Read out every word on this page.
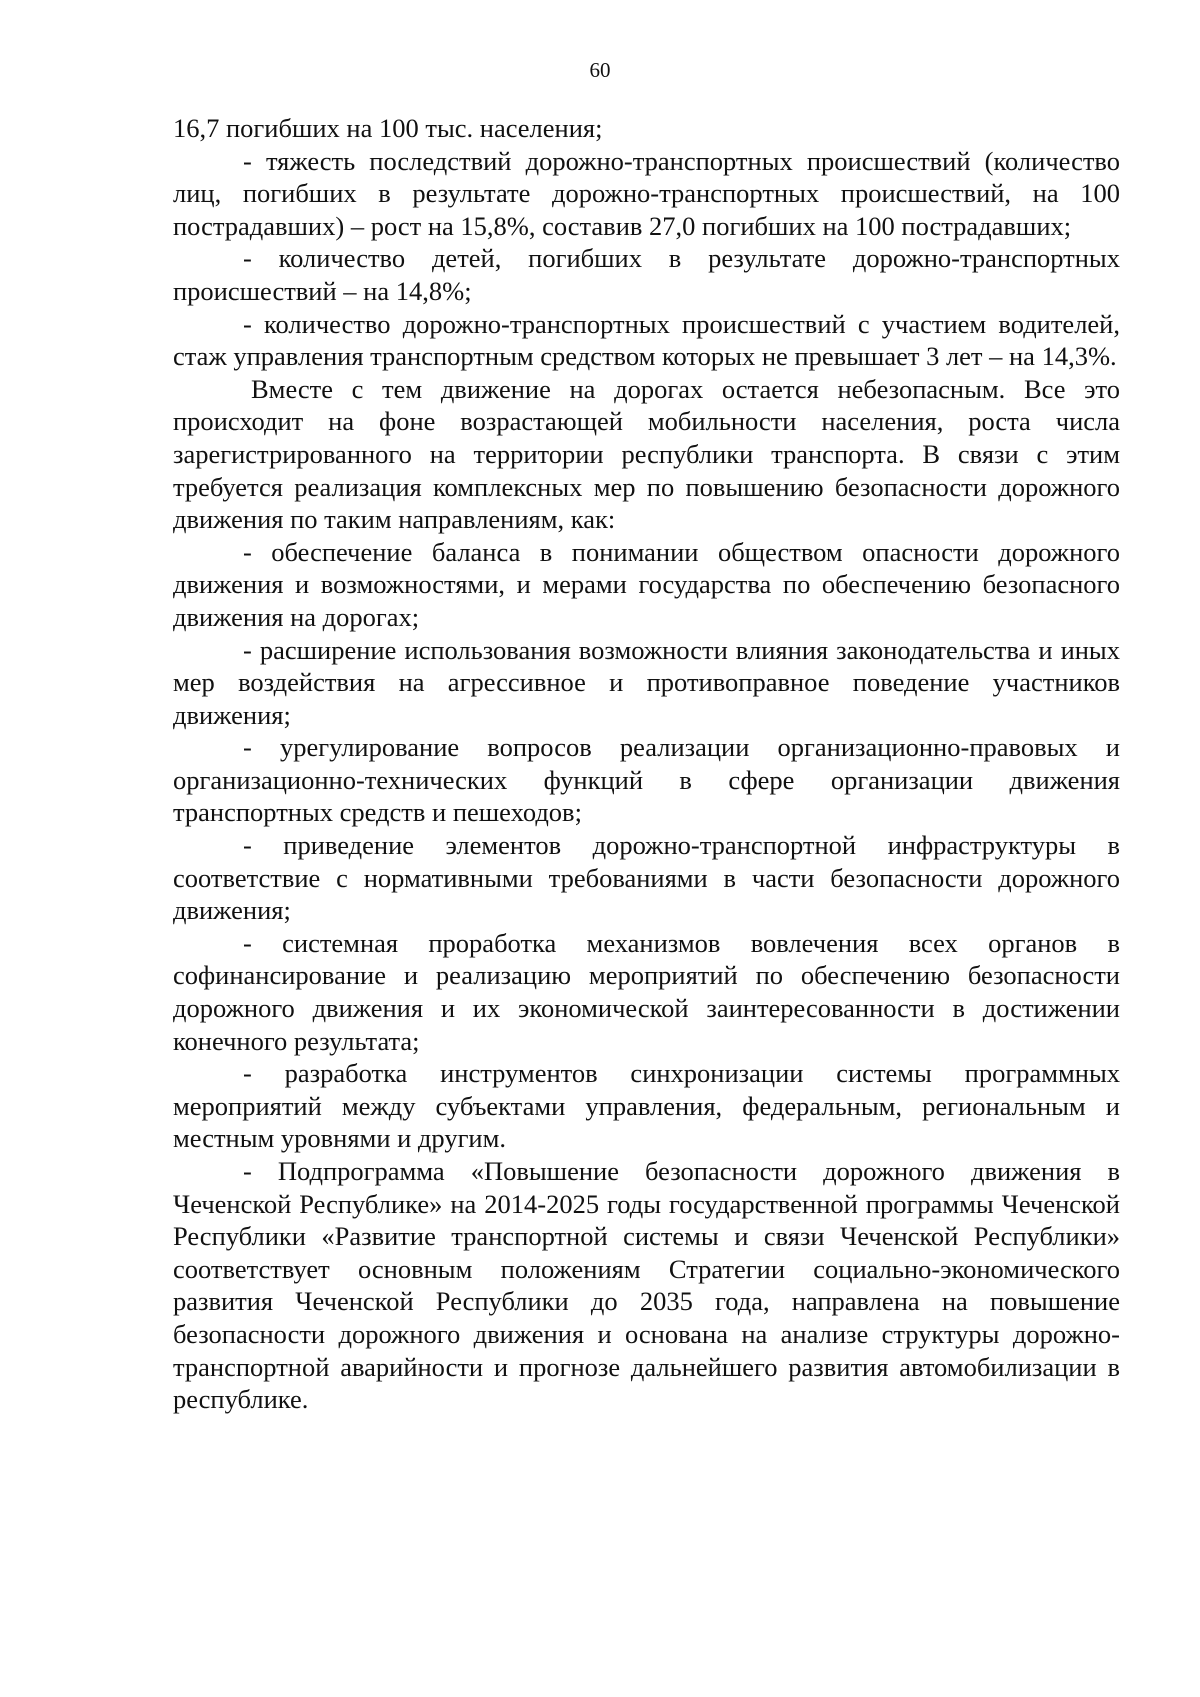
60

16,7 погибших на 100 тыс. населения;

- тяжесть последствий дорожно-транспортных происшествий (количество лиц, погибших в результате дорожно-транспортных происшествий, на 100 пострадавших) – рост на 15,8%, составив 27,0 погибших на 100 пострадавших;

- количество детей, погибших в результате дорожно-транспортных происшествий – на 14,8%;

- количество дорожно-транспортных происшествий с участием водителей, стаж управления транспортным средством которых не превышает 3 лет – на 14,3%.

Вместе с тем движение на дорогах остается небезопасным. Все это происходит на фоне возрастающей мобильности населения, роста числа зарегистрированного на территории республики транспорта. В связи с этим требуется реализация комплексных мер по повышению безопасности дорожного движения по таким направлениям, как:

- обеспечение баланса в понимании обществом опасности дорожного движения и возможностями, и мерами государства по обеспечению безопасного движения на дорогах;

- расширение использования возможности влияния законодательства и иных мер воздействия на агрессивное и противоправное поведение участников движения;

- урегулирование вопросов реализации организационно-правовых и организационно-технических функций в сфере организации движения транспортных средств и пешеходов;

- приведение элементов дорожно-транспортной инфраструктуры в соответствие с нормативными требованиями в части безопасности дорожного движения;

- системная проработка механизмов вовлечения всех органов в софинансирование и реализацию мероприятий по обеспечению безопасности дорожного движения и их экономической заинтересованности в достижении конечного результата;

- разработка инструментов синхронизации системы программных мероприятий между субъектами управления, федеральным, региональным и местным уровнями и другим.

- Подпрограмма «Повышение безопасности дорожного движения в Чеченской Республике» на 2014-2025 годы государственной программы Чеченской Республики «Развитие транспортной системы и связи Чеченской Республики» соответствует основным положениям Стратегии социально-экономического развития Чеченской Республики до 2035 года, направлена на повышение безопасности дорожного движения и основана на анализе структуры дорожно-транспортной аварийности и прогнозе дальнейшего развития автомобилизации в республике.
